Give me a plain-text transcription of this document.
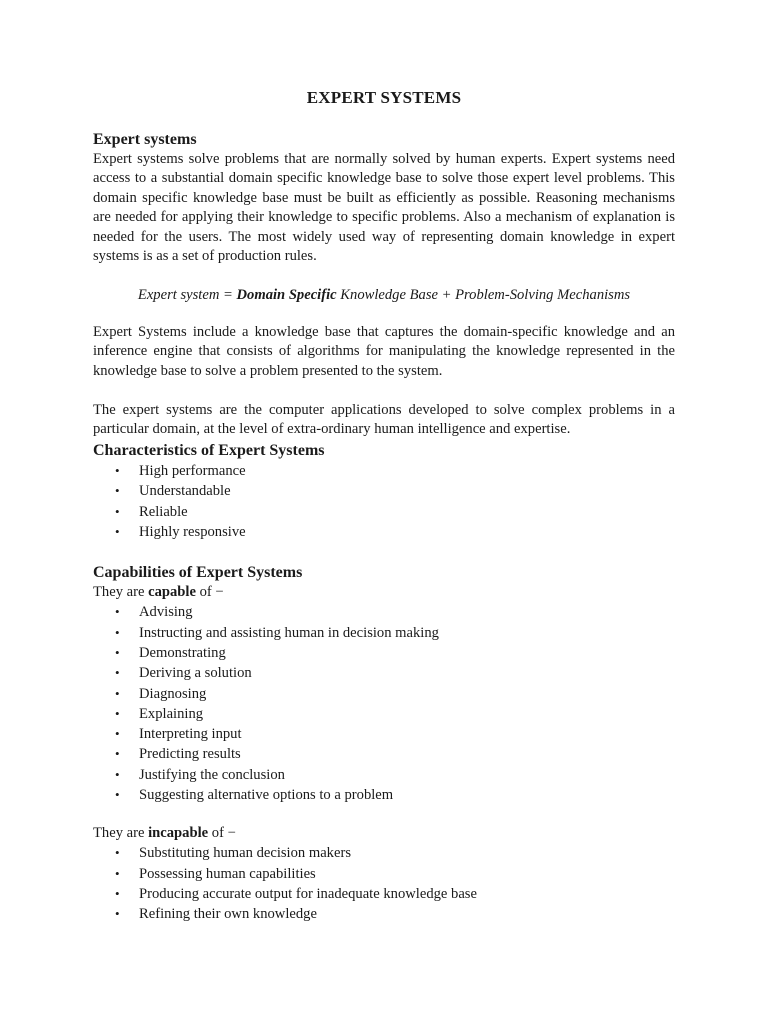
EXPERT SYSTEMS

Expert systems

Expert systems solve problems that are normally solved by human experts. Expert systems need access to a substantial domain specific knowledge base to solve those expert level problems. This domain specific knowledge base must be built as efficiently as possible. Reasoning mechanisms are needed for applying their knowledge to specific problems. Also a mechanism of explanation is needed for the users. The most widely used way of representing domain knowledge in expert systems is as a set of production rules.

Expert system = Domain Specific Knowledge Base + Problem-Solving Mechanisms

Expert Systems include a knowledge base that captures the domain-specific knowledge and an inference engine that consists of algorithms for manipulating the knowledge represented in the knowledge base to solve a problem presented to the system.

The expert systems are the computer applications developed to solve complex problems in a particular domain, at the level of extra-ordinary human intelligence and expertise.

Characteristics of Expert Systems

• High performance
• Understandable
• Reliable
• Highly responsive

Capabilities of Expert Systems

They are capable of −

• Advising
• Instructing and assisting human in decision making
• Demonstrating
• Deriving a solution
• Diagnosing
• Explaining
• Interpreting input
• Predicting results
• Justifying the conclusion
• Suggesting alternative options to a problem

They are incapable of −

• Substituting human decision makers
• Possessing human capabilities
• Producing accurate output for inadequate knowledge base
• Refining their own knowledge
